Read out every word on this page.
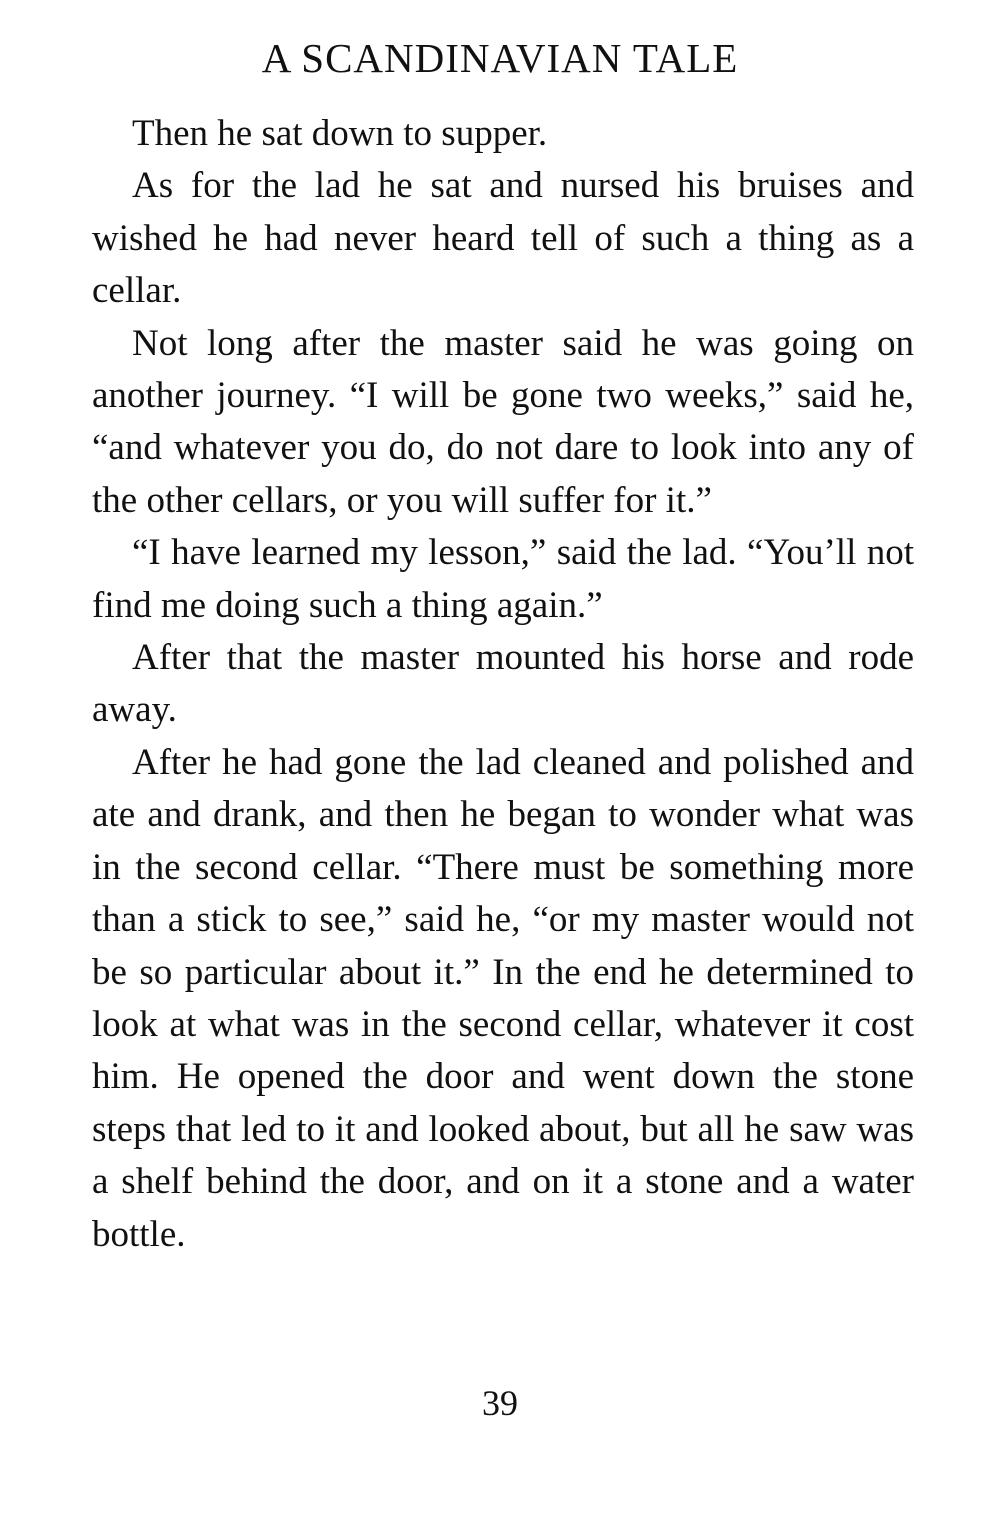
A SCANDINAVIAN TALE

Then he sat down to supper.

As for the lad he sat and nursed his bruises and wished he had never heard tell of such a thing as a cellar.

Not long after the master said he was going on another journey. “I will be gone two weeks,” said he, “and whatever you do, do not dare to look into any of the other cellars, or you will suffer for it.”

“I have learned my lesson,” said the lad. “You’ll not find me doing such a thing again.”

After that the master mounted his horse and rode away.

After he had gone the lad cleaned and polished and ate and drank, and then he began to wonder what was in the second cellar. “There must be something more than a stick to see,” said he, “or my master would not be so particular about it.” In the end he determined to look at what was in the second cellar, whatever it cost him. He opened the door and went down the stone steps that led to it and looked about, but all he saw was a shelf behind the door, and on it a stone and a water bottle.

39
